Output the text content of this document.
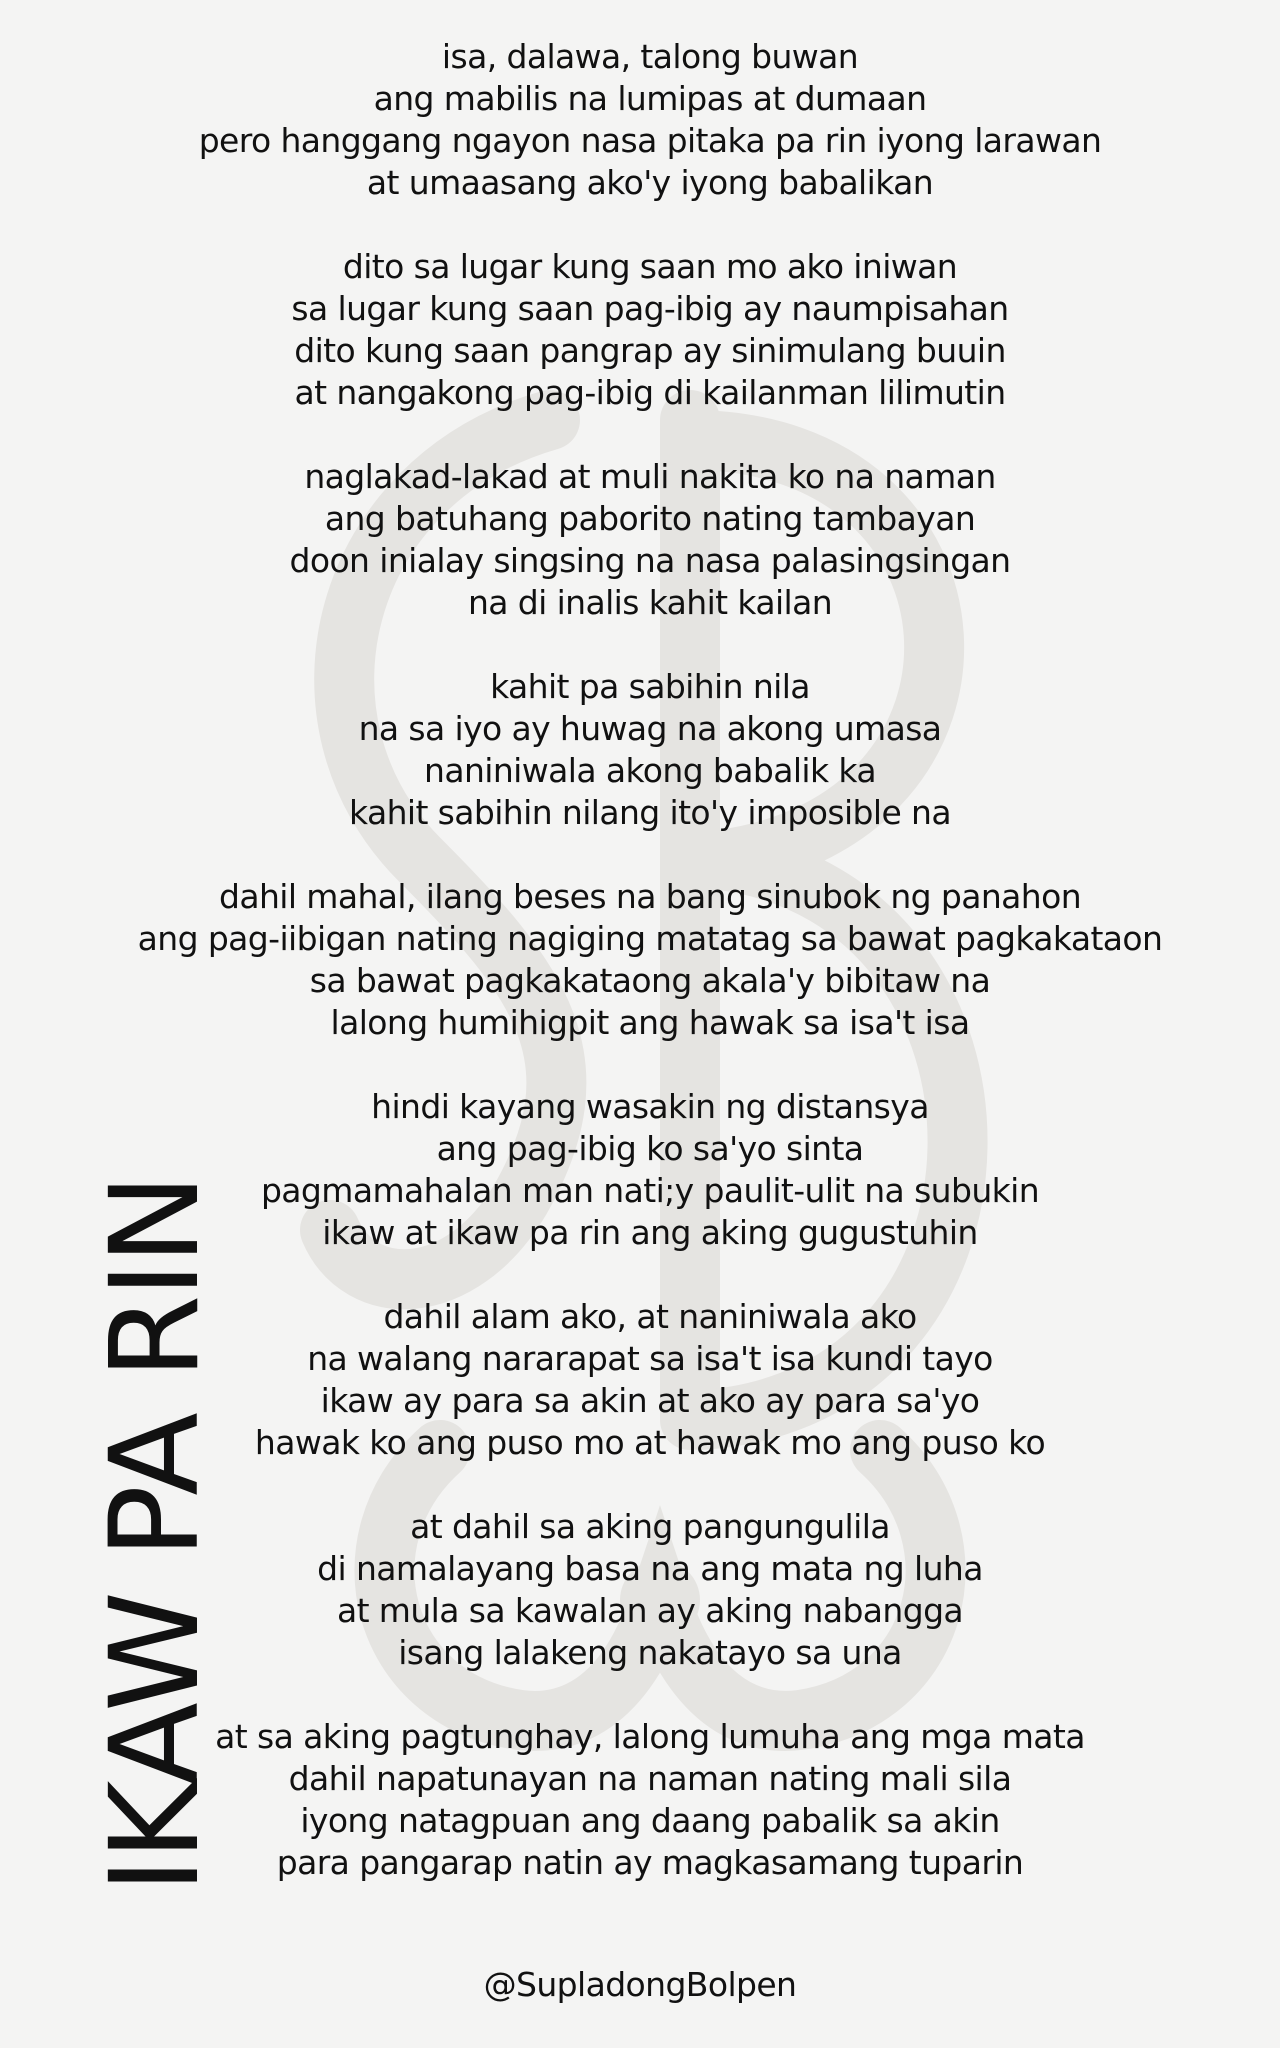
isa, dalawa, talong buwan
ang mabilis na lumipas at dumaan
pero hanggang ngayon nasa pitaka pa rin iyong larawan
at umaasang ako'y iyong babalikan
dito sa lugar kung saan mo ako iniwan
sa lugar kung saan pag-ibig ay naumpisahan
dito kung saan pangrap ay sinimulang buuin
at nangakong pag-ibig di kailanman lilimutin
naglakad-lakad at muli nakita ko na naman
ang batuhang paborito nating tambayan
doon inialay singsing na nasa palasingsingan
na di inalis kahit kailan
kahit pa sabihin nila
na sa iyo ay huwag na akong umasa
naniniwala akong babalik ka
kahit sabihin nilang ito'y imposible na
dahil mahal, ilang beses na bang sinubok ng panahon
ang pag-iibigan nating nagiging matatag sa bawat pagkakataon
sa bawat pagkakataong akala'y bibitaw na
lalong humihigpit ang hawak sa isa't isa
hindi kayang wasakin ng distansya
ang pag-ibig ko sa'yo sinta
pagmamahalan man nati;y paulit-ulit na subukin
ikaw at ikaw pa rin ang aking gugustuhin
dahil alam ako, at naniniwala ako
na walang nararapat sa isa't isa kundi tayo
ikaw ay para sa akin at ako ay para sa'yo
hawak ko ang puso mo at hawak mo ang puso ko
at dahil sa aking pangungulila
di namalayang basa na ang mata ng luha
at mula sa kawalan ay aking nabangga
isang lalakeng nakatayo sa una
at sa aking pagtunghay, lalong lumuha ang mga mata
dahil napatunayan na naman nating mali sila
iyong natagpuan ang daang pabalik sa akin
para pangarap natin ay magkasamang tuparin
IKAW PA RIN
@SupladongBolpen
